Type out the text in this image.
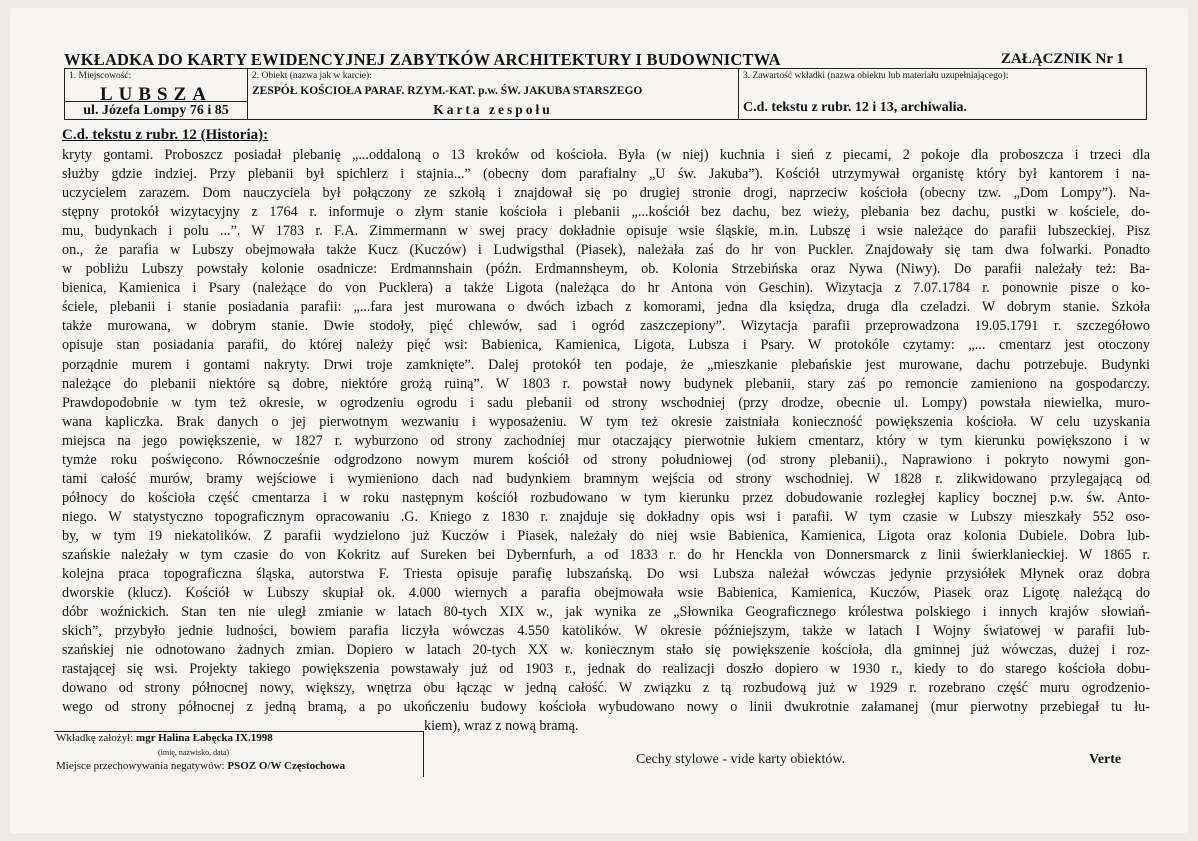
WKŁADKA DO KARTY EWIDENCYJNEJ ZABYTKÓW ARCHITEKTURY I BUDOWNICTWA	ZAŁĄCZNIK Nr 1
1. Miejscowość:
LUBSZA
ul. Józefa Lompy 76 i 85
2. Obiekt (nazwa jak w karcie):
ZESPÓŁ KOŚCIOŁA PARAF. RZYM.-KAT. p.w. ŚW. JAKUBA STARSZEGO
Karta zespołu
3. Zawartość wkładki (nazwa obiektu lub materiału uzupełniającego):
C.d. tekstu z rubr. 12 i 13, archiwalia.
C.d. tekstu z rubr. 12 (Historia):
kryty gontami. Proboszcz posiadał plebanię „...oddaloną o 13 kroków od kościoła. Była (w niej) kuchnia i sień z piecami, 2 pokoje dla proboszcza i trzeci dla
służby gdzie indziej. Przy plebanii był spichlerz i stajnia...” (obecny dom parafialny „U św. Jakuba”). Kościół utrzymywał organistę który był kantorem i na-
uczycielem zarazem. Dom nauczyciela był połączony ze szkołą i znajdował się po drugiej stronie drogi, naprzeciw kościoła (obecny tzw. „Dom Lompy”). Na-
stępny protokół wizytacyjny z 1764 r. informuje o złym stanie kościoła i plebanii „...kościół bez dachu, bez wieży, plebania bez dachu, pustki w kościele, do-
mu, budynkach i polu ...”. W 1783 r. F.A. Zimmermann w swej pracy dokładnie opisuje wsie śląskie, m.in. Lubszę i wsie należące do parafii lubszeckiej. Pisz
on., że parafia w Lubszy obejmowała także Kucz (Kuczów) i Ludwigsthal (Piasek), należała zaś do hr von Puckler. Znajdowały się tam dwa folwarki. Ponadto
w pobliżu Lubszy powstały kolonie osadnicze: Erdmannshain (późn. Erdmannsheym, ob. Kolonia Strzebińska oraz Nywa (Niwy). Do parafii należały też: Ba-
bienica, Kamienica i Psary (należące do von Pucklera) a także Ligota (należąca do hr Antona von Geschin). Wizytacja z 7.07.1784 r. ponownie pisze o ko-
ściele, plebanii i stanie posiadania parafii: „...fara jest murowana o dwóch izbach z komorami, jedna dla księdza, druga dla czeladzi. W dobrym stanie. Szkoła
także murowana, w dobrym stanie. Dwie stodoły, pięć chlewów, sad i ogród zaszczepiony”. Wizytacja parafii przeprowadzona 19.05.1791 r. szczegółowo
opisuje stan posiadania parafii, do której należy pięć wsi: Babienica, Kamienica, Ligota, Lubsza i Psary. W protokóle czytamy: „... cmentarz jest otoczony
porządnie murem i gontami nakryty. Drwi troje zamknięte”. Dalej protokół ten podaje, że „mieszkanie plebańskie jest murowane, dachu potrzebuje. Budynki
należące do plebanii niektóre są dobre, niektóre grożą ruiną”. W 1803 r. powstał nowy budynek plebanii, stary zaś po remoncie zamieniono na gospodarczy.
Prawdopodobnie w tym też okresie, w ogrodzeniu ogrodu i sadu plebanii od strony wschodniej (przy drodze, obecnie ul. Lompy) powstała niewielka, muro-
wana kapliczka. Brak danych o jej pierwotnym wezwaniu i wyposażeniu. W tym też okresie zaistniała konieczność powiększenia kościoła. W celu uzyskania
miejsca na jego powiększenie, w 1827 r. wyburzono od strony zachodniej mur otaczający pierwotnie łukiem cmentarz, który w tym kierunku powiększono i w
tymże roku poświęcono. Równocześnie odgrodzono nowym murem kościół od strony południowej (od strony plebanii)., Naprawiono i pokryto nowymi gon-
tami całość murów, bramy wejściowe i wymieniono dach nad budynkiem bramnym wejścia od strony wschodniej. W 1828 r. zlikwidowano przylegającą od
północy do kościoła część cmentarza i w roku następnym kościół rozbudowano w tym kierunku przez dobudowanie rozległej kaplicy bocznej p.w. św. Anto-
niego. W statystyczno topograficznym opracowaniu .G. Kniego z 1830 r. znajduje się dokładny opis wsi i parafii. W tym czasie w Lubszy mieszkały 552 oso-
by, w tym 19 niekatolików. Z parafii wydzielono już Kuczów i Piasek, należały do niej wsie Babienica, Kamienica, Ligota oraz kolonia Dubiele. Dobra lub-
szańskie należały w tym czasie do von Kokritz auf Sureken bei Dybernfurh, a od 1833 r. do hr Henckla von Donnersmarck z linii świerklanieckiej. W 1865 r.
kolejna praca topograficzna śląska, autorstwa F. Triesta opisuje parafię lubszańską. Do wsi Lubsza należał wówczas jedynie przysiółek Młynek oraz dobra
dworskie (klucz). Kościół w Lubszy skupiał ok. 4.000 wiernych a parafia obejmowała wsie Babienica, Kamienica, Kuczów, Piasek oraz Ligotę należącą do
dóbr woźnickich. Stan ten nie uległ zmianie w latach 80-tych XIX w., jak wynika ze „Słownika Geograficznego królestwa polskiego i innych krajów słowiań-
skich”, przybyło jednie ludności, bowiem parafia liczyła wówczas 4.550 katolików. W okresie późniejszym, także w latach I Wojny światowej w parafii lub-
szańskiej nie odnotowano żadnych zmian. Dopiero w latach 20-tych XX w. koniecznym stało się powiększenie kościoła, dla gminnej już wówczas, dużej i roz-
rastającej się wsi. Projekty takiego powiększenia powstawały już od 1903 r., jednak do realizacji doszło dopiero w 1930 r., kiedy to do starego kościoła dobu-
dowano od strony północnej nowy, większy, wnętrza obu łącząc w jedną całość. W związku z tą rozbudową już w 1929 r. rozebrano część muru ogrodzenio-
wego od strony północnej z jedną bramą, a po ukończeniu budowy kościoła wybudowano nowy o linii dwukrotnie załamanej (mur pierwotny przebiegał tu łu-
kiem), wraz z nową bramą.
Wkładkę założył: mgr Halina Łabęcka IX.1998
(imię, nazwisko, data)
Miejsce przechowywania negatywów: PSOZ O/W Częstochowa	Cechy stylowe - vide karty obiektów.	Verte
